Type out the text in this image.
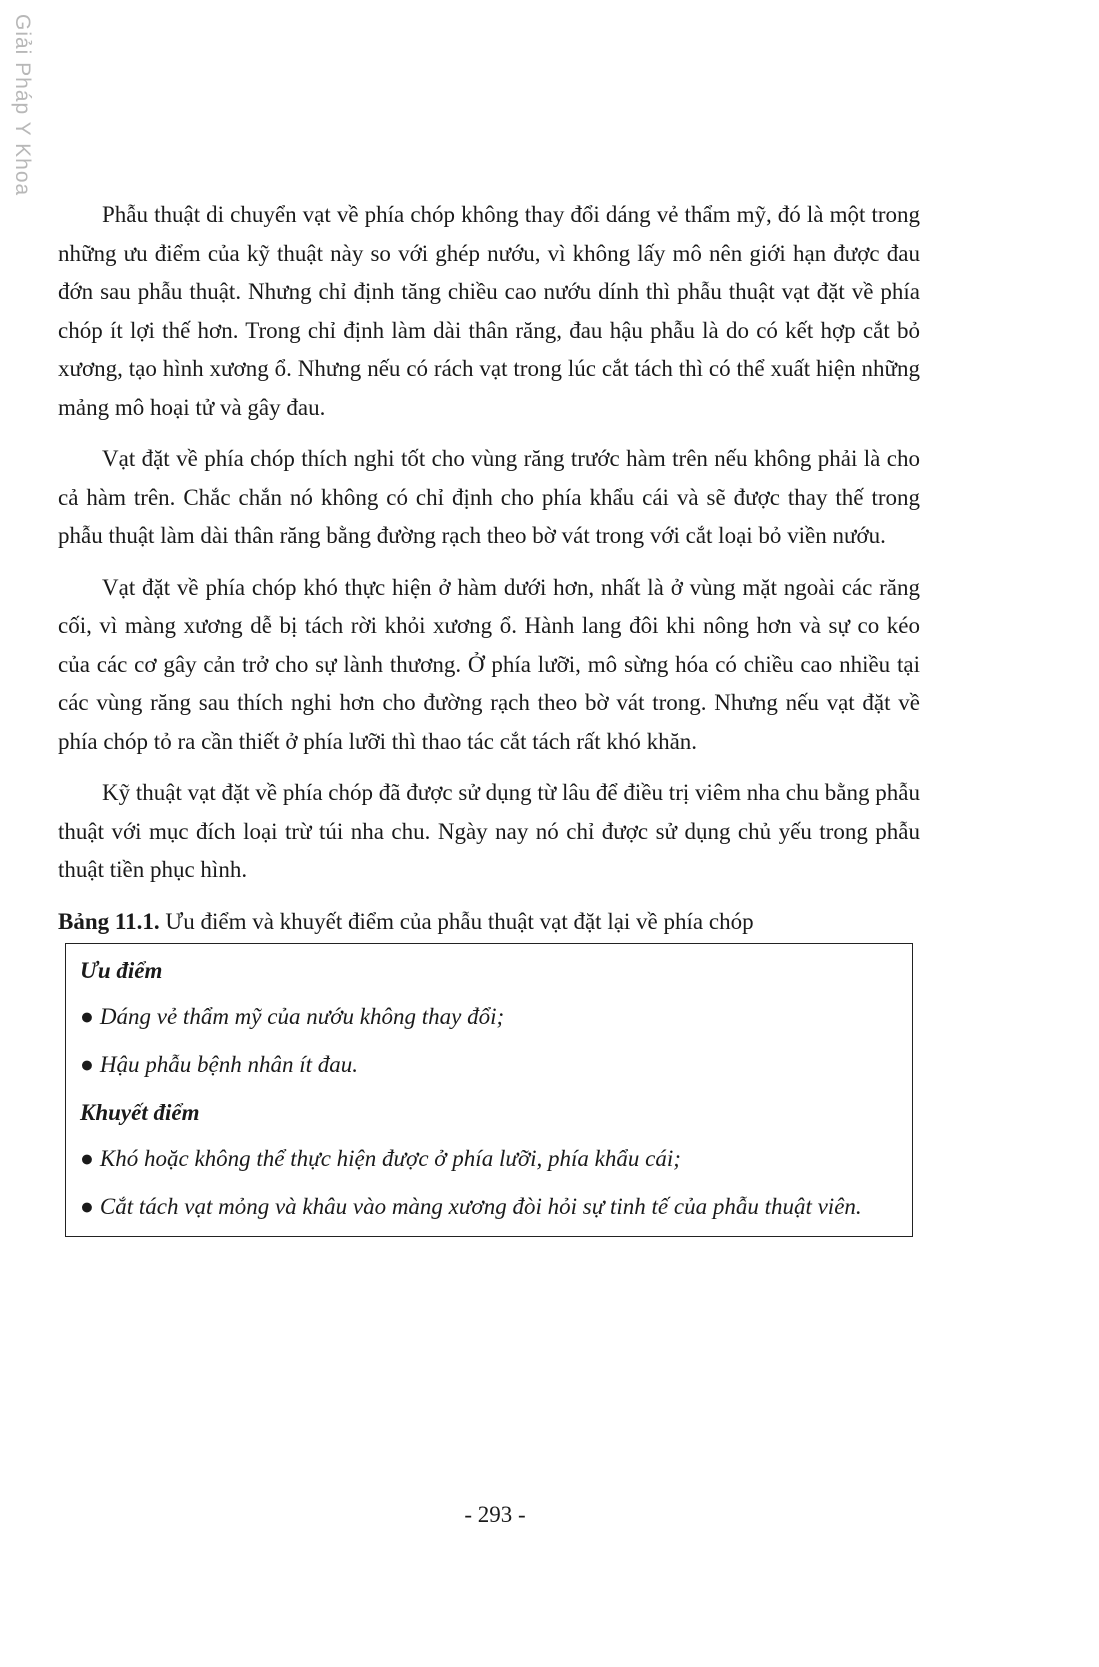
Giải Pháp Y Khoa

Phẫu thuật di chuyển vạt về phía chóp không thay đổi dáng vẻ thẩm mỹ, đó là một trong những ưu điểm của kỹ thuật này so với ghép nướu, vì không lấy mô nên giới hạn được đau đớn sau phẫu thuật. Nhưng chỉ định tăng chiều cao nướu dính thì phẫu thuật vạt đặt về phía chóp ít lợi thế hơn. Trong chỉ định làm dài thân răng, đau hậu phẫu là do có kết hợp cắt bỏ xương, tạo hình xương ổ. Nhưng nếu có rách vạt trong lúc cắt tách thì có thể xuất hiện những mảng mô hoại tử và gây đau.

Vạt đặt về phía chóp thích nghi tốt cho vùng răng trước hàm trên nếu không phải là cho cả hàm trên. Chắc chắn nó không có chỉ định cho phía khẩu cái và sẽ được thay thế trong phẫu thuật làm dài thân răng bằng đường rạch theo bờ vát trong với cắt loại bỏ viền nướu.

Vạt đặt về phía chóp khó thực hiện ở hàm dưới hơn, nhất là ở vùng mặt ngoài các răng cối, vì màng xương dễ bị tách rời khỏi xương ổ. Hành lang đôi khi nông hơn và sự co kéo của các cơ gây cản trở cho sự lành thương. Ở phía lưỡi, mô sừng hóa có chiều cao nhiều tại các vùng răng sau thích nghi hơn cho đường rạch theo bờ vát trong. Nhưng nếu vạt đặt về phía chóp tỏ ra cần thiết ở phía lưỡi thì thao tác cắt tách rất khó khăn.

Kỹ thuật vạt đặt về phía chóp đã được sử dụng từ lâu để điều trị viêm nha chu bằng phẫu thuật với mục đích loại trừ túi nha chu. Ngày nay nó chỉ được sử dụng chủ yếu trong phẫu thuật tiền phục hình.

Bảng 11.1. Ưu điểm và khuyết điểm của phẫu thuật vạt đặt lại về phía chóp
Ưu điểm
● Dáng vẻ thẩm mỹ của nướu không thay đổi;
● Hậu phẫu bệnh nhân ít đau.
Khuyết điểm
● Khó hoặc không thể thực hiện được ở phía lưỡi, phía khẩu cái;
● Cắt tách vạt mỏng và khâu vào màng xương đòi hỏi sự tinh tế của phẫu thuật viên.
- 293 -
